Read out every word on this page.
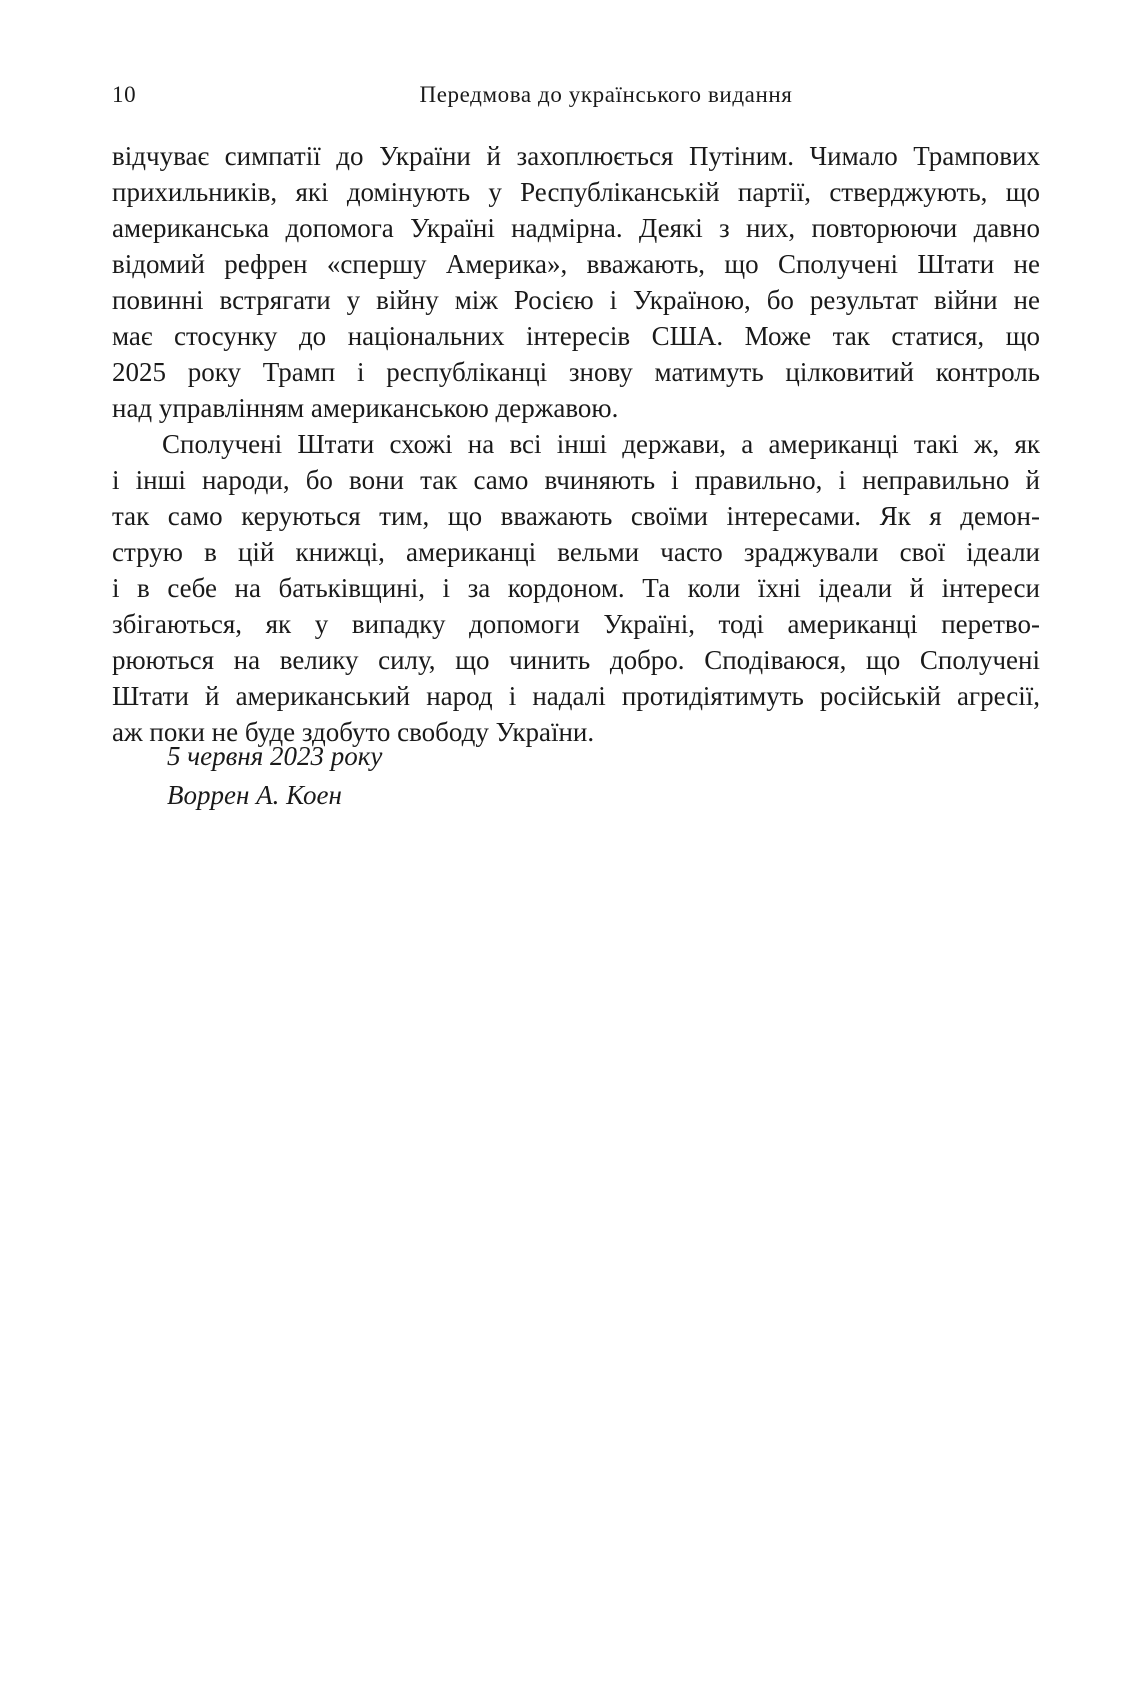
10	Передмова до українського видання
відчуває симпатії до України й захоплюється Путіним. Чимало Трампових
прихильників, які домінують у Республіканській партії, стверджують, що
американська допомога Україні надмірна. Деякі з них, повторюючи давно
відомий рефрен «спершу Америка», вважають, що Сполучені Штати не
повинні встрягати у війну між Росією і Україною, бо результат війни не
має стосунку до національних інтересів США. Може так статися, що
2025 року Трамп і республіканці знову матимуть цілковитий контроль
над управлінням американською державою.
Сполучені Штати схожі на всі інші держави, а американці такі ж, як
і інші народи, бо вони так само вчиняють і правильно, і неправильно й
так само керуються тим, що вважають своїми інтересами. Як я демон-
струю в цій книжці, американці вельми часто зраджували свої ідеали
і в себе на батьківщині, і за кордоном. Та коли їхні ідеали й інтереси
збігаються, як у випадку допомоги Україні, тоді американці перетво-
рюються на велику силу, що чинить добро. Сподіваюся, що Сполучені
Штати й американський народ і надалі протидіятимуть російській агресії,
аж поки не буде здобуто свободу України.
5 червня 2023 року
Воррен А. Коен
